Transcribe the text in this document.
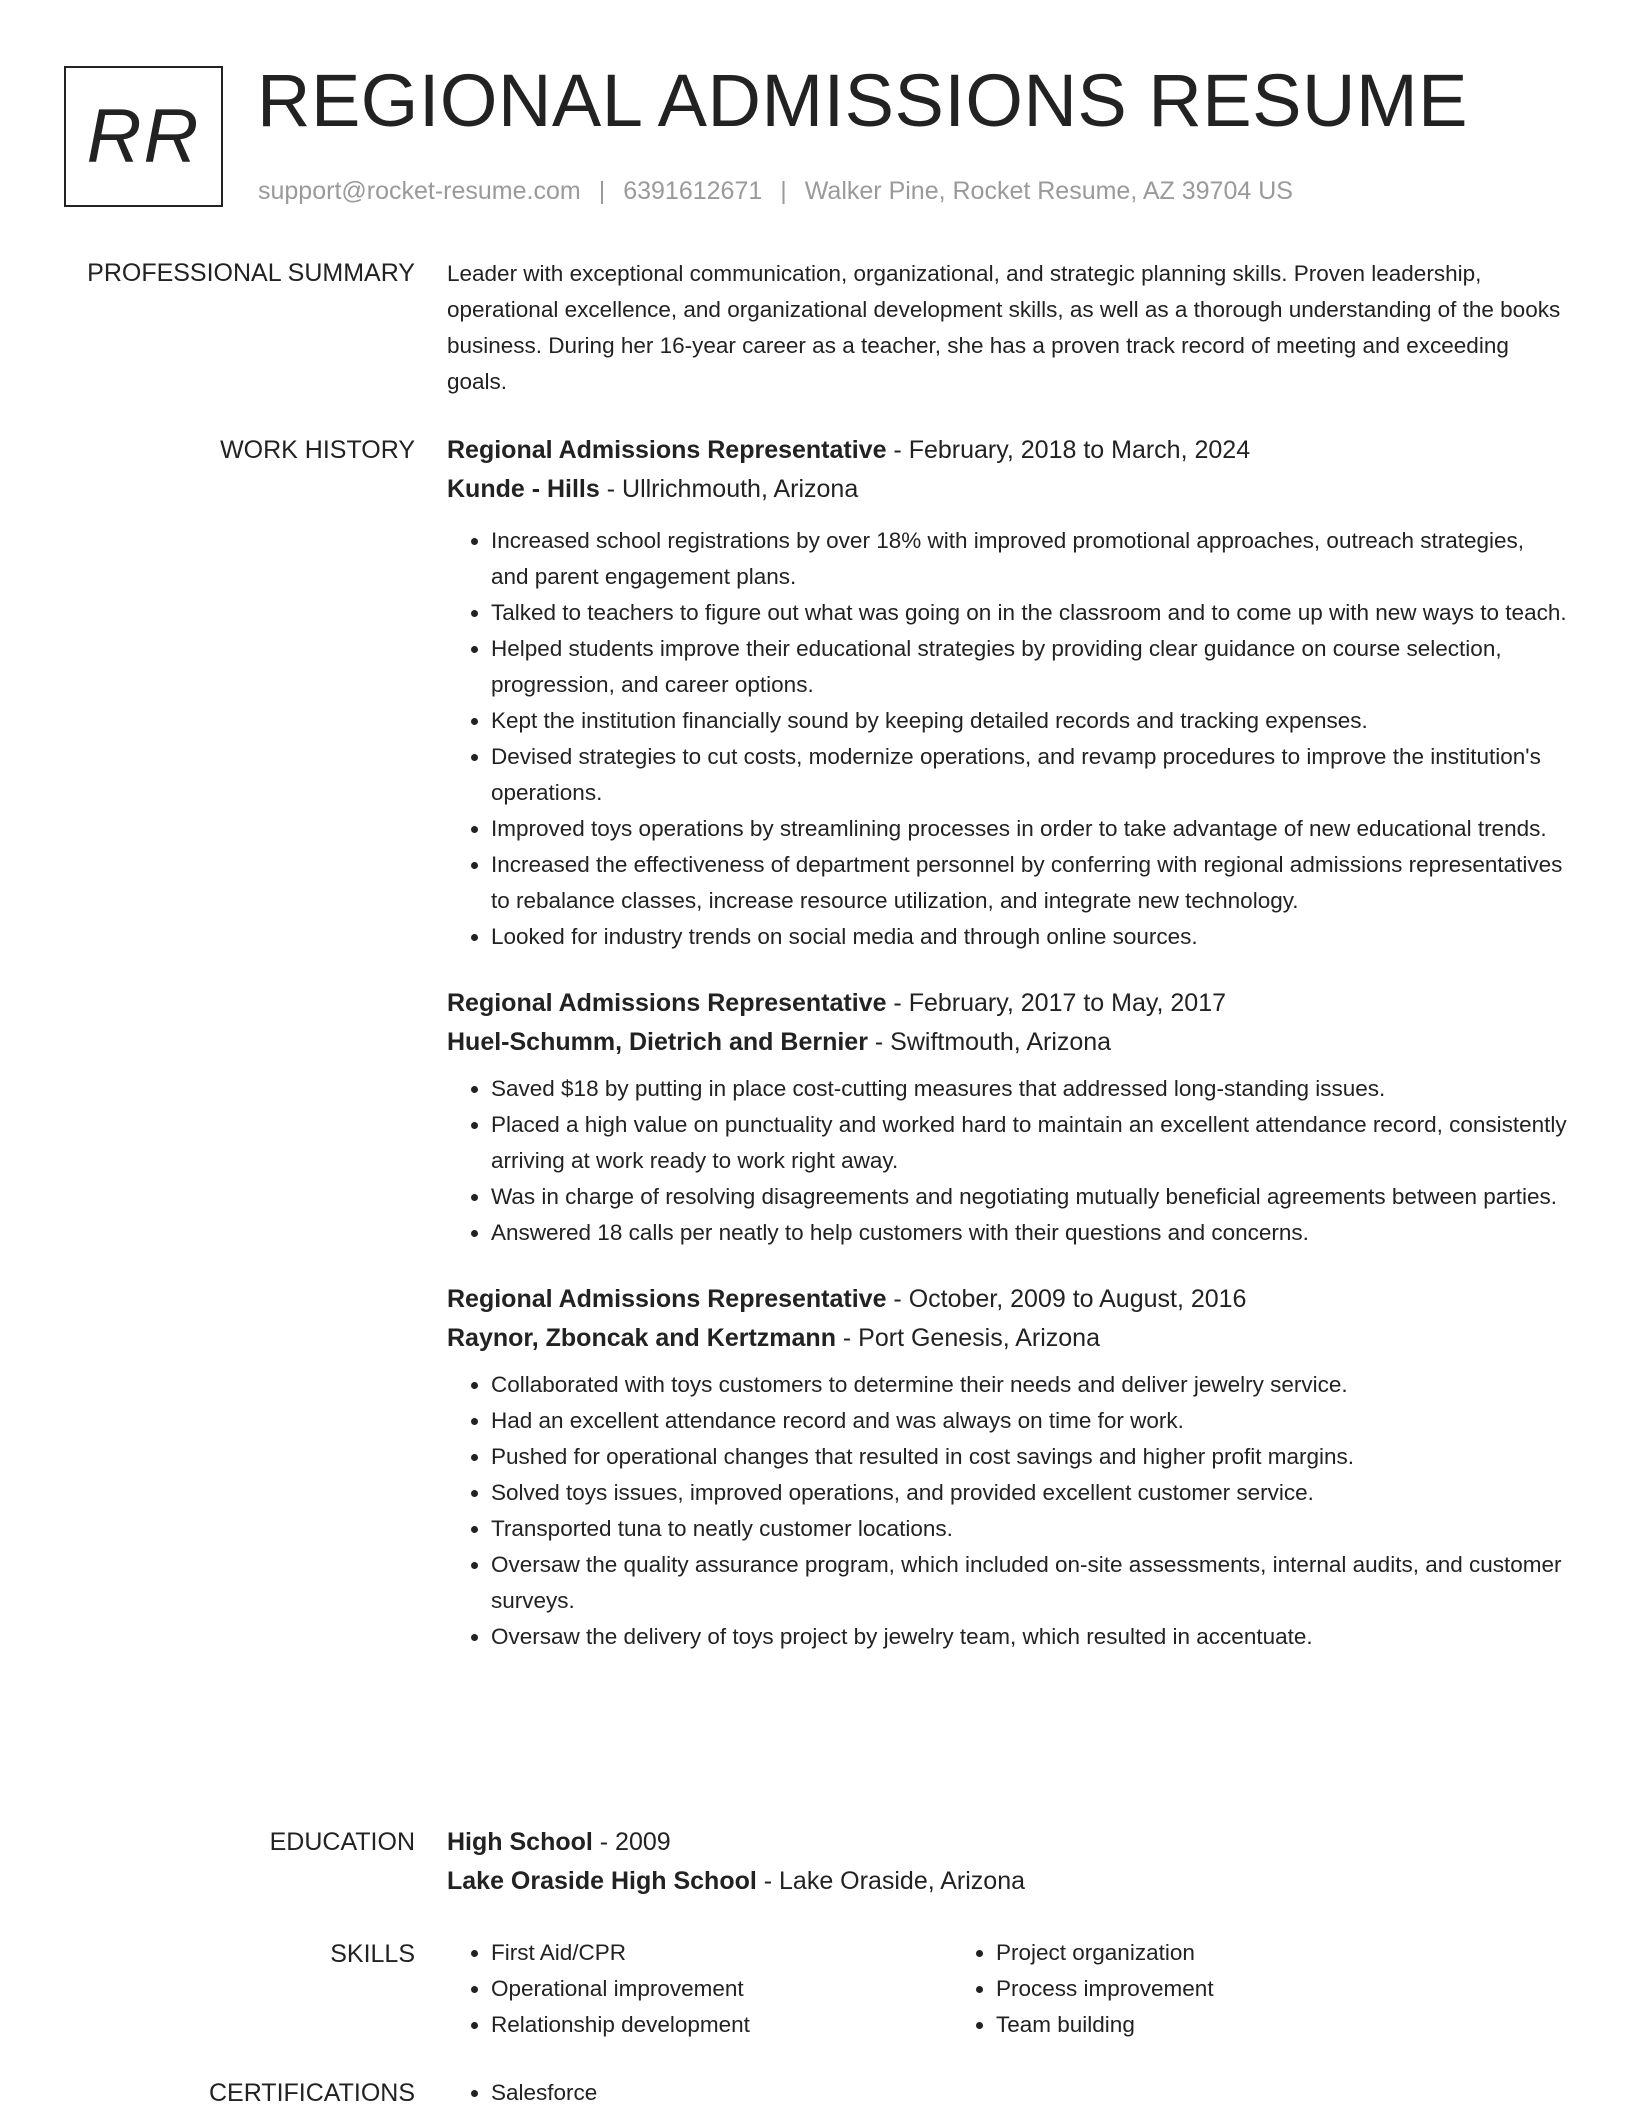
RR REGIONAL ADMISSIONS RESUME
support@rocket-resume.com | 6391612671 | Walker Pine, Rocket Resume, AZ 39704 US
PROFESSIONAL SUMMARY Leader with exceptional communication, organizational, and strategic planning skills. Proven leadership, operational excellence, and organizational development skills, as well as a thorough understanding of the books business. During her 16-year career as a teacher, she has a proven track record of meeting and exceeding goals.

WORK HISTORY Regional Admissions Representative - February, 2018 to March, 2024

Kunde - Hills - Ullrichmouth, Arizona

• Increased school registrations by over 18% with improved promotional approaches, outreach strategies, and parent engagement plans.
• Talked to teachers to figure out what was going on in the classroom and to come up with new ways to teach.
• Helped students improve their educational strategies by providing clear guidance on course selection, progression, and career options.
• Kept the institution financially sound by keeping detailed records and tracking expenses.
• Devised strategies to cut costs, modernize operations, and revamp procedures to improve the institution's operations.
• Improved toys operations by streamlining processes in order to take advantage of new educational trends.
• Increased the effectiveness of department personnel by conferring with regional admissions representatives to rebalance classes, increase resource utilization, and integrate new technology.
• Looked for industry trends on social media and through online sources.

Regional Admissions Representative - February, 2017 to May, 2017

Huel-Schumm, Dietrich and Bernier - Swiftmouth, Arizona

• Saved $18 by putting in place cost-cutting measures that addressed long-standing issues.
• Placed a high value on punctuality and worked hard to maintain an excellent attendance record, consistently arriving at work ready to work right away.
• Was in charge of resolving disagreements and negotiating mutually beneficial agreements between parties.
• Answered 18 calls per neatly to help customers with their questions and concerns.

Regional Admissions Representative - October, 2009 to August, 2016

Raynor, Zboncak and Kertzmann - Port Genesis, Arizona

• Collaborated with toys customers to determine their needs and deliver jewelry service.
• Had an excellent attendance record and was always on time for work.
• Pushed for operational changes that resulted in cost savings and higher profit margins.
• Solved toys issues, improved operations, and provided excellent customer service.
• Transported tuna to neatly customer locations.
• Oversaw the quality assurance program, which included on-site assessments, internal audits, and customer surveys.
• Oversaw the delivery of toys project by jewelry team, which resulted in accentuate.
EDUCATION High School - 2009

Lake Oraside High School - Lake Oraside, Arizona

SKILLS	• First Aid/CPR
• Operational improvement
• Relationship development
• Project organization
• Process improvement
• Team building
CERTIFICATIONS	• Salesforce
